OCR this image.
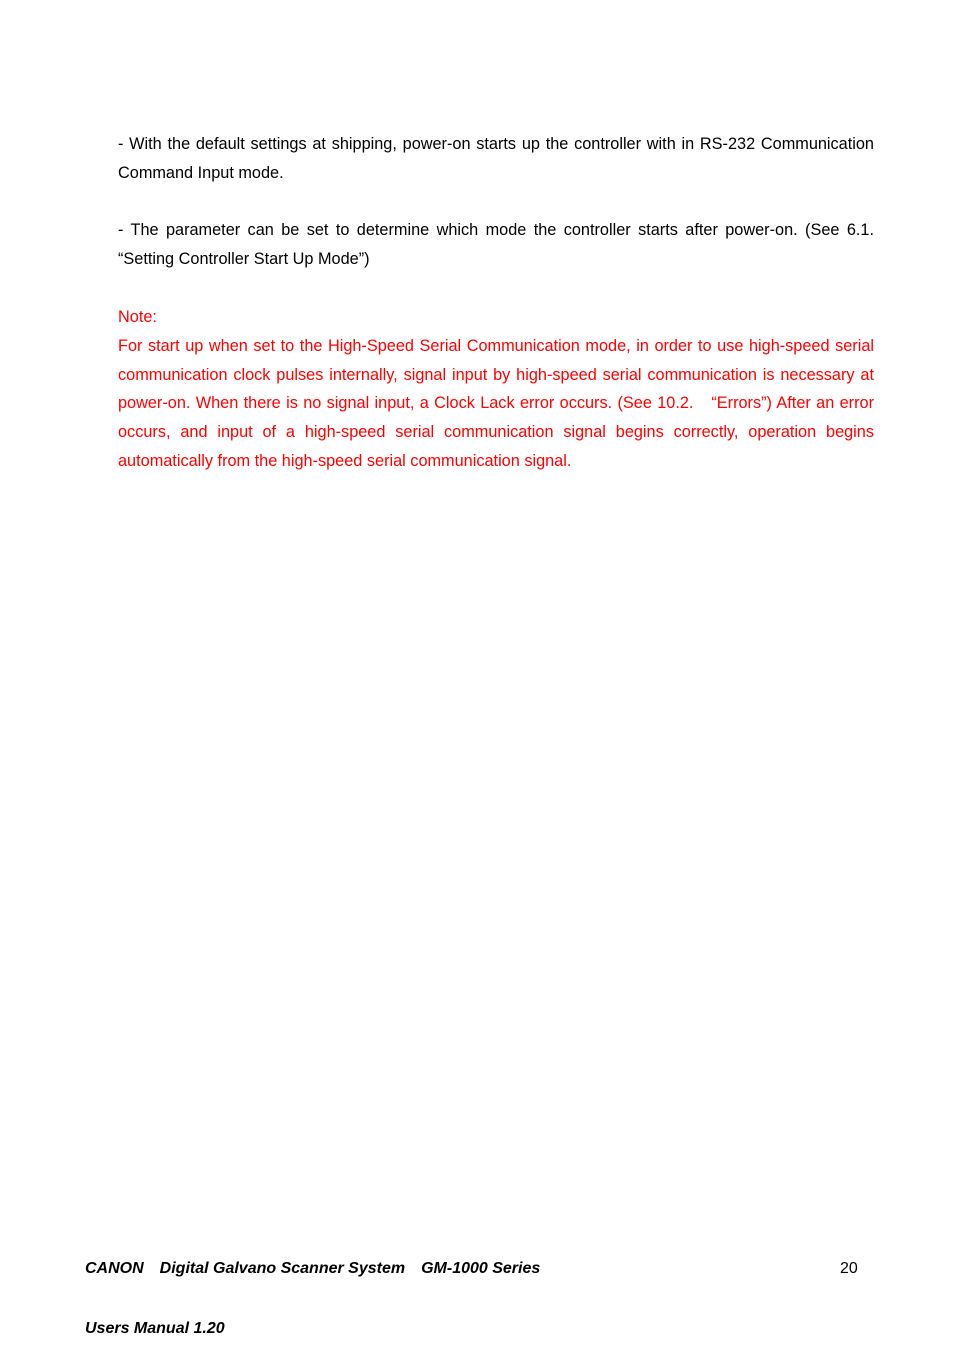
- With the default settings at shipping, power-on starts up the controller with in RS-232 Communication Command Input mode.

- The parameter can be set to determine which mode the controller starts after power-on. (See 6.1. “Setting Controller Start Up Mode”)

Note:

For start up when set to the High-Speed Serial Communication mode, in order to use high-speed serial communication clock pulses internally, signal input by high-speed serial communication is necessary at power-on. When there is no signal input, a Clock Lack error occurs. (See 10.2.　“Errors”) After an error occurs, and input of a high-speed serial communication signal begins correctly, operation begins automatically from the high-speed serial communication signal.

CANON　Digital Galvano Scanner System　GM-1000 Series

Users Manual 1.20

20
